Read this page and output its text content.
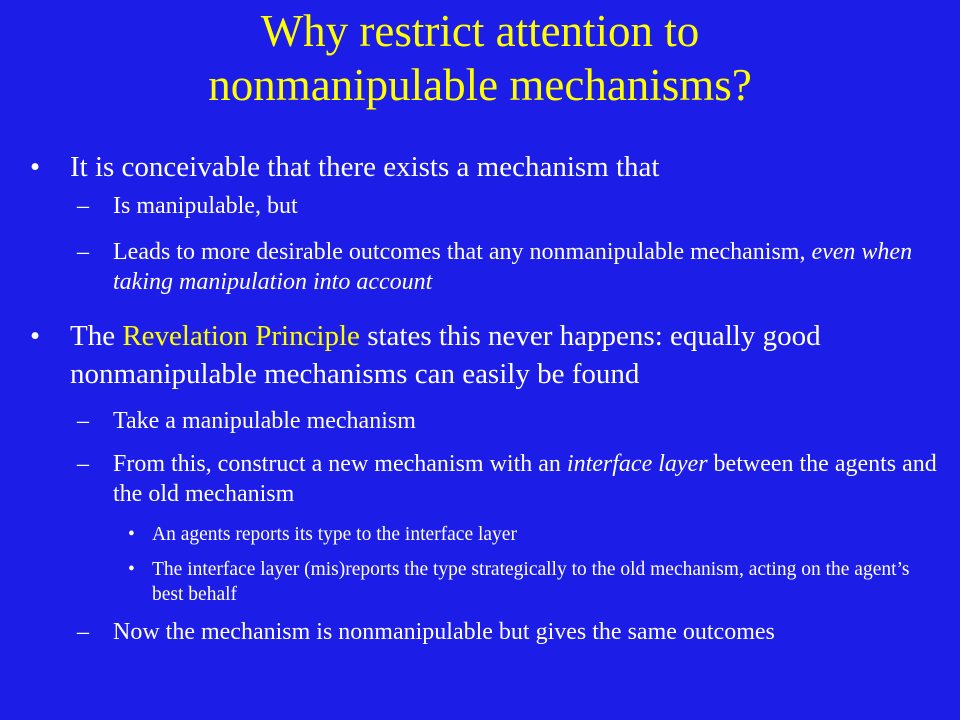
Why restrict attention to
nonmanipulable mechanisms?
• It is conceivable that there exists a mechanism that
– Is manipulable, but
– Leads to more desirable outcomes that any nonmanipulable mechanism, even when taking manipulation into account
• The Revelation Principle states this never happens: equally good nonmanipulable mechanisms can easily be found
– Take a manipulable mechanism
– From this, construct a new mechanism with an interface layer between the agents and the old mechanism
• An agents reports its type to the interface layer
• The interface layer (mis)reports the type strategically to the old mechanism, acting on the agent’s best behalf
– Now the mechanism is nonmanipulable but gives the same outcomes
